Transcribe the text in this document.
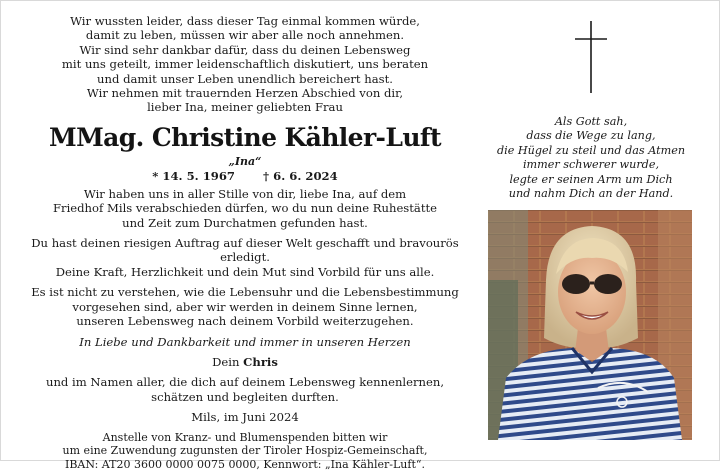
Wir wussten leider, dass dieser Tag einmal kommen würde,

damit zu leben, müssen wir aber alle noch annehmen.

Wir sind sehr dankbar dafür, dass du deinen Lebensweg

mit uns geteilt, immer leidenschaftlich diskutiert, uns beraten

und damit unser Leben unendlich bereichert hast.

Wir nehmen mit trauernden Herzen Abschied von dir,

lieber Ina, meiner geliebten Frau

MMag. Christine Kähler-Luft

„Ina“

* 14. 5. 1967 † 6. 6. 2024

Wir haben uns in aller Stille von dir, liebe Ina, auf dem

Friedhof Mils verabschieden dürfen, wo du nun deine Ruhestätte

und Zeit zum Durchatmen gefunden hast.

Du hast deinen riesigen Auftrag auf dieser Welt geschafft und bravourös erledigt.

Deine Kraft, Herzlichkeit und dein Mut sind Vorbild für uns alle.

Es ist nicht zu verstehen, wie die Lebensuhr und die Lebensbestimmung

vorgesehen sind, aber wir werden in deinem Sinne lernen,

unseren Lebensweg nach deinem Vorbild weiterzugehen.

In Liebe und Dankbarkeit und immer in unseren Herzen

Dein Chris

und im Namen aller, die dich auf deinem Lebensweg kennenlernen,

schätzen und begleiten durften.

Mils, im Juni 2024

Anstelle von Kranz- und Blumenspenden bitten wir

um eine Zuwendung zugunsten der Tiroler Hospiz-Gemeinschaft,

IBAN: AT20 3600 0000 0075 0000, Kennwort: „Ina Kähler-Luft“.

Als Gott sah,

dass die Wege zu lang,

die Hügel zu steil und das Atmen

immer schwerer wurde,

legte er seinen Arm um Dich

und nahm Dich an der Hand.
